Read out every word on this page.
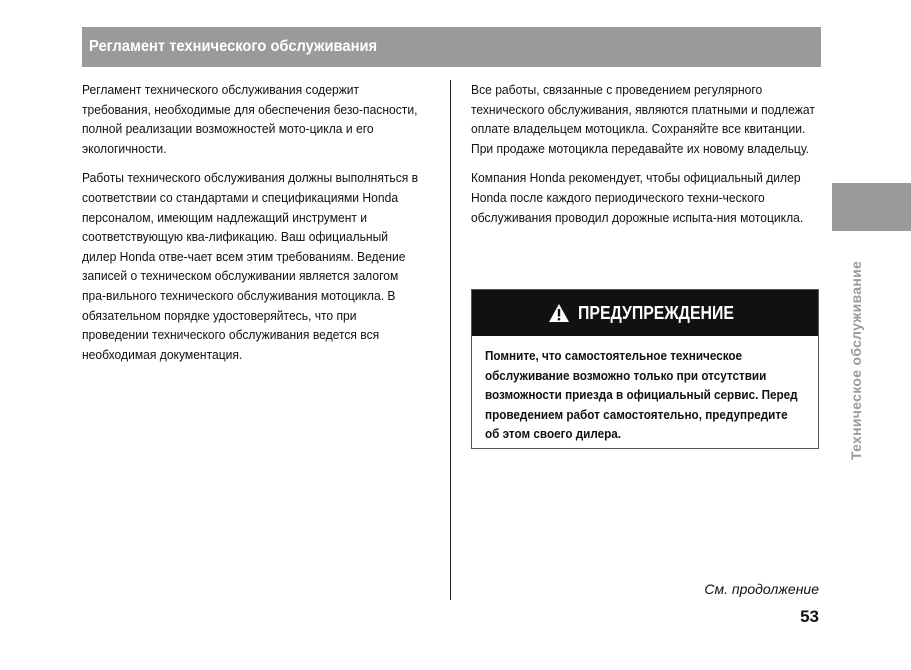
Регламент технического обслуживания

Регламент технического обслуживания содержит требования, необходимые для обеспечения безо-пасности, полной реализации возможностей мото-цикла и его экологичности.

Работы технического обслуживания должны выполняться в соответствии со стандартами и спецификациями Honda персоналом, имеющим надлежащий инструмент и соответствующую ква-лификацию. Ваш официальный дилер Honda отве-чает всем этим требованиям. Ведение записей о техническом обслуживании является залогом пра-вильного технического обслуживания мотоцикла. В обязательном порядке удостоверяйтесь, что при проведении технического обслуживания ведется вся необходимая документация.

Все работы, связанные с проведением регулярного технического обслуживания, являются платными и подлежат оплате владельцем мотоцикла. Сохраняйте все квитанции. При продаже мотоцикла передавайте их новому владельцу.

Компания Honda рекомендует, чтобы официальный дилер Honda после каждого периодического техни-ческого обслуживания проводил дорожные испыта-ния мотоцикла.

ПРЕДУПРЕЖДЕНИЕ
Помните, что самостоятельное техническое обслуживание возможно только при отсутствии возможности приезда в официальный сервис. Перед проведением работ самостоятельно, предупредите об этом своего дилера.	Техническое обслуживание
См. продолжение
53
